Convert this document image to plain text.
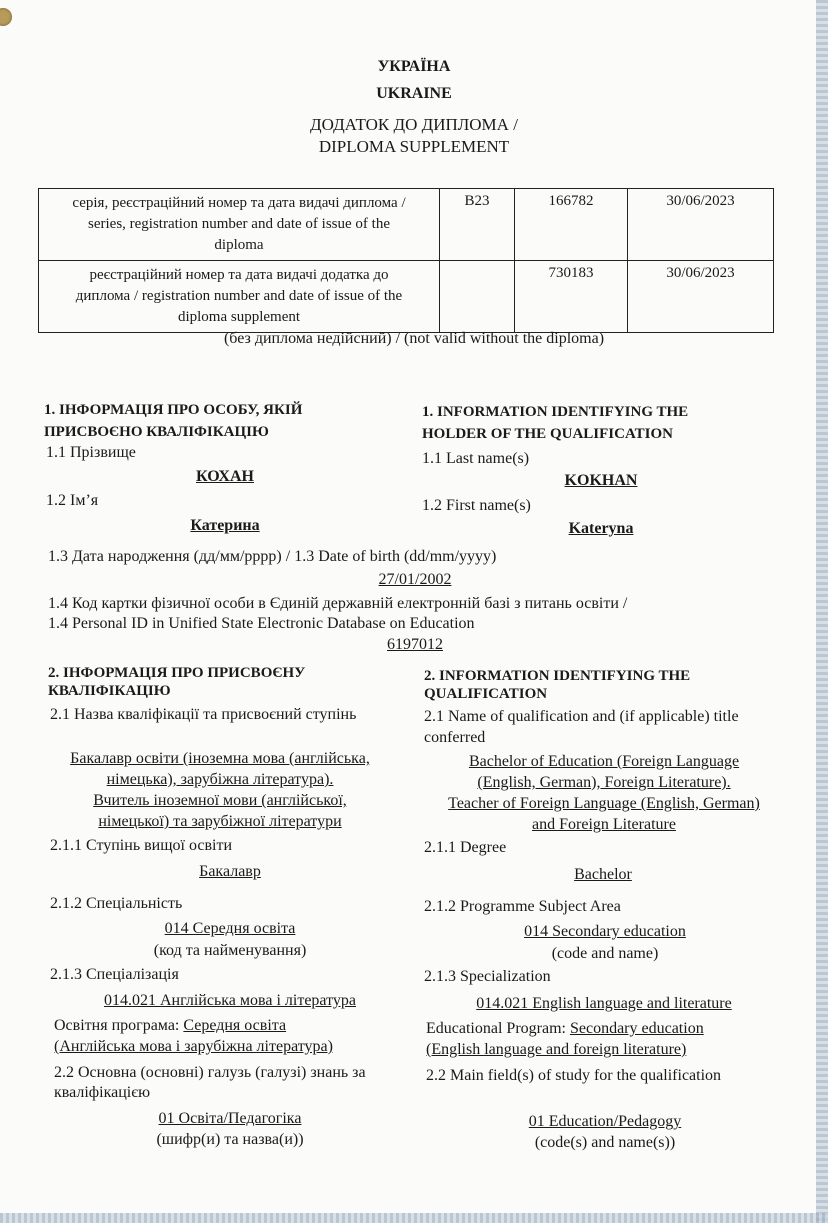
УКРАЇНА
UKRAINE
ДОДАТОК ДО ДИПЛОМА /
DIPLOMA SUPPLEMENT
серія, реєстраційний номер та дата видачі диплома /
series, registration number and date of issue of the
diploma	B23	166782	30/06/2023

реєстраційний номер та дата видачі додатка до
диплома / registration number and date of issue of the
diploma supplement		730183	30/06/2023
(без диплома недійсний) / (not valid without the diploma)
1. ІНФОРМАЦІЯ ПРО ОСОБУ, ЯКІЙ
ПРИСВОЄНО КВАЛІФІКАЦІЮ
1. INFORMATION IDENTIFYING THE
HOLDER OF THE QUALIFICATION
1.1 Прізвище	1.1 Last name(s)
КОХАН	KOKHAN
1.2 Ім’я	1.2 First name(s)
Катерина	Kateryna
1.3 Дата народження (дд/мм/рррр) / 1.3 Date of birth (dd/mm/yyyy)
27/01/2002
1.4 Код картки фізичної особи в Єдиній державній електронній базі з питань освіти /
1.4 Personal ID in Unified State Electronic Database on Education
6197012
2. ІНФОРМАЦІЯ ПРО ПРИСВОЄНУ
КВАЛІФІКАЦІЮ
2. INFORMATION IDENTIFYING THE
QUALIFICATION
2.1 Назва кваліфікації та присвоєний ступінь	2.1 Name of qualification and (if applicable) title
conferred
Бакалавр освіти (іноземна мова (англійська,
німецька), зарубіжна література).
Вчитель іноземної мови (англійської,
німецької) та зарубіжної літератури
Bachelor of Education (Foreign Language
(English, German), Foreign Literature).
Teacher of Foreign Language (English, German)
and Foreign Literature
2.1.1 Ступінь вищої освіти	2.1.1 Degree
Бакалавр	Bachelor
2.1.2 Спеціальність	2.1.2 Programme Subject Area
014 Середня освіта	014 Secondary education
(код та найменування)	(code and name)
2.1.3 Спеціалізація	2.1.3 Specialization
014.021 Англійська мова і література	014.021 English language and literature
Освітня програма: Середня освіта
(Англійська мова і зарубіжна література)
Educational Program: Secondary education
(English language and foreign literature)
2.2 Основна (основні) галузь (галузі) знань за
кваліфікацією
2.2 Main field(s) of study for the qualification
01 Освіта/Педагогіка	01 Education/Pedagogy
(шифр(и) та назва(и))	(code(s) and name(s))
